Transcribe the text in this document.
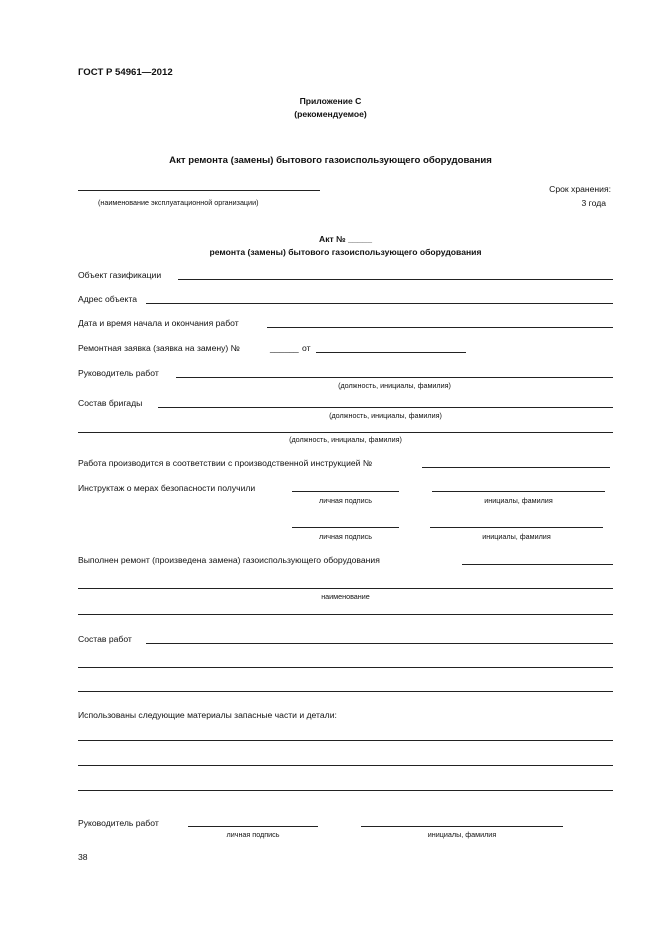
ГОСТ Р 54961—2012
Приложение С
(рекомендуемое)
Акт ремонта (замены) бытового газоиспользующего оборудования
(наименование эксплуатационной организации)
Срок хранения:
3 года
Акт № _____
ремонта (замены) бытового газоиспользующего оборудования
Объект газификации
Адрес объекта
Дата и время начала и окончания работ
Ремонтная заявка (заявка на замену) №	______ от
Руководитель работ
(должность, инициалы, фамилия)
Состав бригады
(должность, инициалы, фамилия)
(должность, инициалы, фамилия)
Работа производится в соответствии с производственной инструкцией №
Инструктаж о мерах безопасности получили
личная подпись	инициалы, фамилия
личная подпись	инициалы, фамилия
Выполнен ремонт (произведена замена) газоиспользующего оборудования
наименование
Состав работ
Использованы следующие материалы запасные части и детали:
Руководитель работ
личная подпись	инициалы, фамилия
38
